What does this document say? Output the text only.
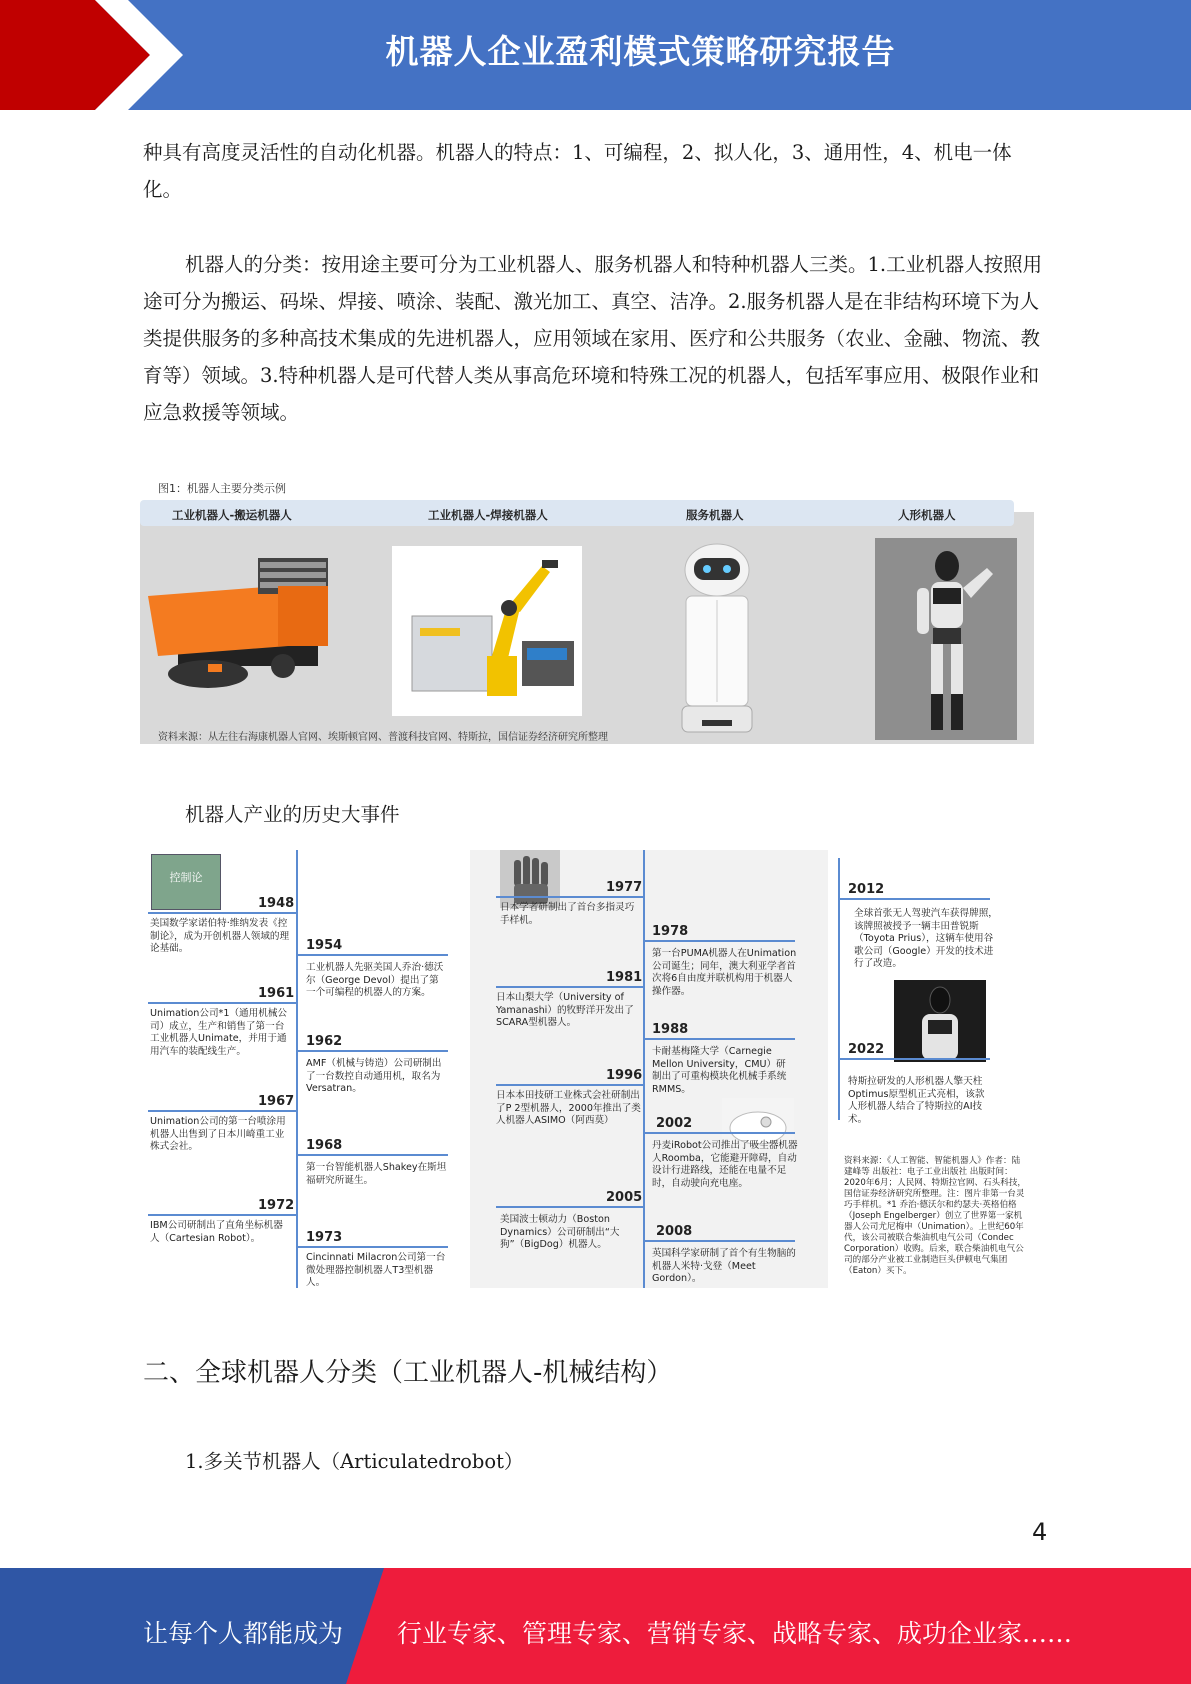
机器人企业盈利模式策略研究报告

种具有高度灵活性的自动化机器。机器人的特点：1、可编程，2、拟人化，3、通用性，4、机电一体化。

机器人的分类：按用途主要可分为工业机器人、服务机器人和特种机器人三类。1.工业机器人按照用途可分为搬运、码垛、焊接、喷涂、装配、激光加工、真空、洁净。2.服务机器人是在非结构环境下为人类提供服务的多种高技术集成的先进机器人，应用领域在家用、医疗和公共服务（农业、金融、物流、教育等）领域。3.特种机器人是可代替人类从事高危环境和特殊工况的机器人，包括军事应用、极限作业和应急救援等领域。

工业机器人-搬运机器人	工业机器人-焊接机器人	服务机器人	人形机器人
资料来源：从左往右海康机器人官网、埃斯顿官网、普渡科技官网、特斯拉，国信证券经济研究所整理
图1：机器人主要分类示例

机器人产业的历史大事件

控制论
1948
美国数学家诺伯特·维纳发表《控制论》，成为开创机器人领域的理论基础。
1961
Unimation公司*1（通用机械公司）成立，生产和销售了第一台工业机器人Unimate，并用于通用汽车的装配线生产。
1967
Unimation公司的第一台喷涂用机器人出售到了日本川崎重工业株式会社。
1972
IBM公司研制出了直角坐标机器人（Cartesian Robot）。
1954
工业机器人先驱美国人乔治·德沃尔（George Devol）提出了第一个可编程的机器人的方案。
1962
AMF（机械与铸造）公司研制出了一台数控自动通用机，取名为Versatran。
1968
第一台智能机器人Shakey在斯坦福研究所诞生。
1973
Cincinnati Milacron公司第一台微处理器控制机器人T3型机器人。
1977
日本学者研制出了首台多指灵巧手样机。
1981
日本山梨大学（University of Yamanashi）的牧野洋开发出了SCARA型机器人。
1996
日本本田技研工业株式会社研制出了P 2型机器人，2000年推出了类人机器人ASIMO（阿西莫）
2005
美国波士顿动力（Boston Dynamics）公司研制出“大狗”（BigDog）机器人。
1978
第一台PUMA机器人在Unimation公司诞生；同年，澳大利亚学者首次将6自由度并联机构用于机器人操作器。
1988
卡耐基梅隆大学（Carnegie Mellon University，CMU）研制出了可重构模块化机械手系统RMMS。
2002
丹麦iRobot公司推出了吸尘器机器人Roomba，它能避开障碍，自动设计行进路线，还能在电量不足时，自动驶向充电座。
2008
英国科学家研制了首个有生物脑的机器人米特·戈登（Meet Gordon）。
2012
全球首张无人驾驶汽车获得牌照，该牌照被授予一辆丰田普锐斯（Toyota Prius），这辆车使用谷歌公司（Google）开发的技术进行了改造。
2022
特斯拉研发的人形机器人擎天柱Optimus原型机正式亮相，该款人形机器人结合了特斯拉的AI技术。
资料来源：《人工智能、智能机器人》作者：陆建峰等 出版社：电子工业出版社 出版时间：2020年6月；人民网、特斯拉官网、石头科技，国信证券经济研究所整理。注：图片非第一台灵巧手样机。*1 乔治·德沃尔和约瑟夫·英格伯格（Joseph Engelberger）创立了世界第一家机器人公司尤尼梅申（Unimation）。上世纪60年代，该公司被联合柴油机电气公司（Condec Corporation）收购。后来，联合柴油机电气公司的部分产业被工业制造巨头伊顿电气集团（Eaton）买下。
二、全球机器人分类（工业机器人-机械结构）
1.多关节机器人（Articulatedrobot）
4
让每个人都能成为 行业专家、管理专家、营销专家、战略专家、成功企业家……
